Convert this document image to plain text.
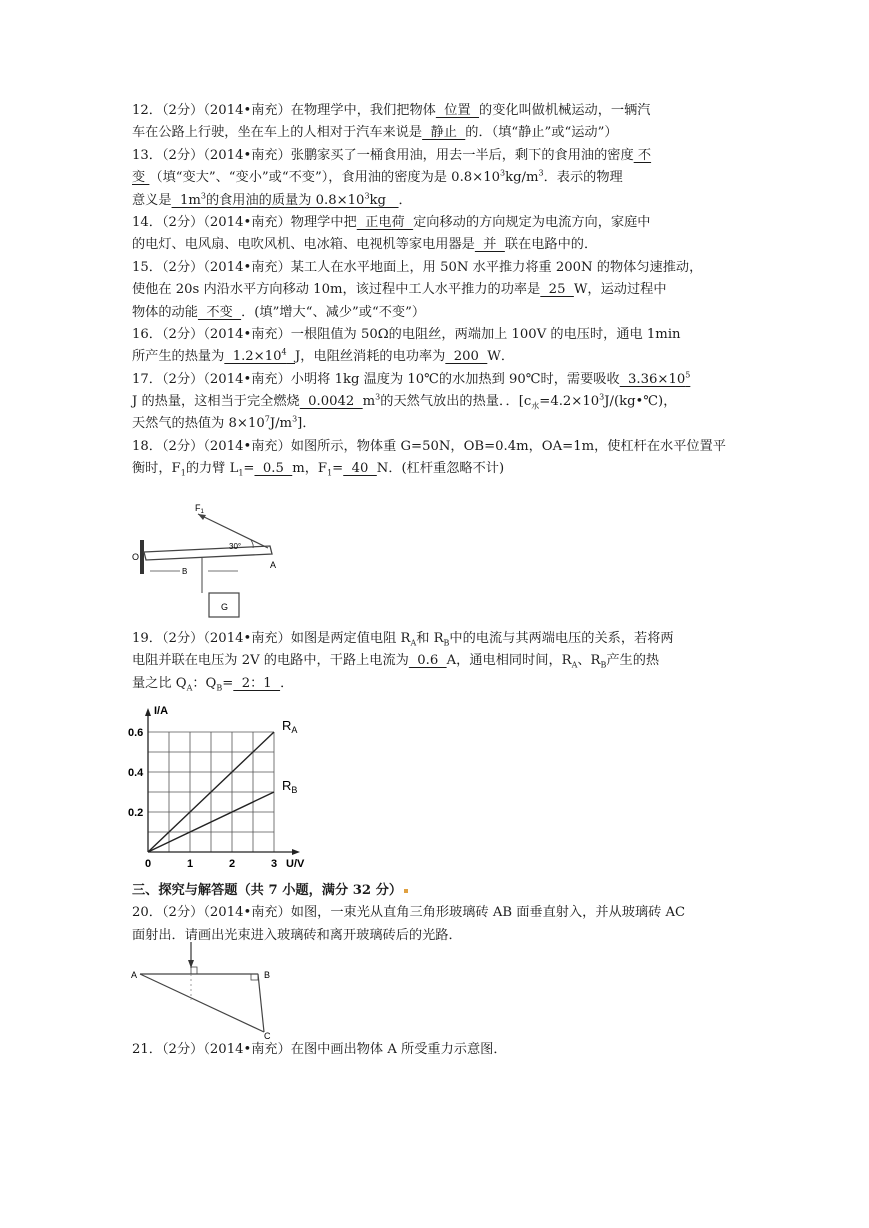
12．（2分）（2014•南充）在物理学中，我们把物体  位置  的变化叫做机械运动，一辆汽
车在公路上行驶，坐在车上的人相对于汽车来说是  静止  的．（填“静止”或“运动”）
13．（2分）（2014•南充）张鹏家买了一桶食用油，用去一半后，剩下的食用油的密度 不
变 （填“变大”、“变小”或“不变”），食用油的密度为是 $0.8\times 10^3kg/m^3$．表示的物理
意义是  $1m^3$的食用油的质量为 $0.8\times 10^3kg$   ．
14．（2分）（2014•南充）物理学中把  正电荷  定向移动的方向规定为电流方向，家庭中
的电灯、电风扇、电吹风机、电冰箱、电视机等家电用器是  并  联在电路中的．
15．（2分）（2014•南充）某工人在水平地面上，用 50N 水平推力将重 200N 的物体匀速推动，
使他在 20s 内沿水平方向移动 10m，该过程中工人水平推力的功率是  25  W，运动过程中
物体的动能  不变  ．(填”增大“、减少”或“不变”）
16．（2分）（2014•南充）一根阻值为 50Ω的电阻丝，两端加上 100V 的电压时，通电 1min
所产生的热量为  $1.2\times 10^4$ J，电阻丝消耗的电功率为  200  W．
17．（2分）（2014•南充）小明将 1kg 温度为 10℃的水加热到 90℃时，需要吸收  $3.36\times 10^5$
J 的热量，这相当于完全燃烧  0.0042  $m^3$的天然气放出的热量．．[$c_水=4.2\times 10^3J/(kg•℃)$，
天然气的热值为 $8\times 10^7J/m^3$]．
18．（2分）（2014•南充）如图所示，物体重 G=50N，OB=0.4m，OA=1m，使杠杆在水平位置平
衡时，$F_1$的力臂 $L_1= 0.5$  m，$F_1= 40$  N．(杠杆重忽略不计)
$F_1$
30°
O
B
A
G
19．（2分）（2014•南充）如图是两定值电阻 $R_A$和 $R_B$中的电流与其两端电压的关系，若将两
电阻并联在电压为 2V 的电路中，干路上电流为  0.6  A，通电相同时间，$R_A$、$R_B$产生的热
量之比 $Q_A$：$Q_B= 2$：1  ．
0	1	2	3
0.2
0.4
0.6
U/V
I/A
$R_A$
$R_B$
三、探究与解答题（共 7 小题，满分 32 分）
20．（2分）（2014•南充）如图，一束光从直角三角形玻璃砖 AB 面垂直射入，并从玻璃砖 AC
面射出．请画出光束进入玻璃砖和离开玻璃砖后的光路．
A	B
C
21．（2分）（2014•南充）在图中画出物体 A 所受重力示意图．
